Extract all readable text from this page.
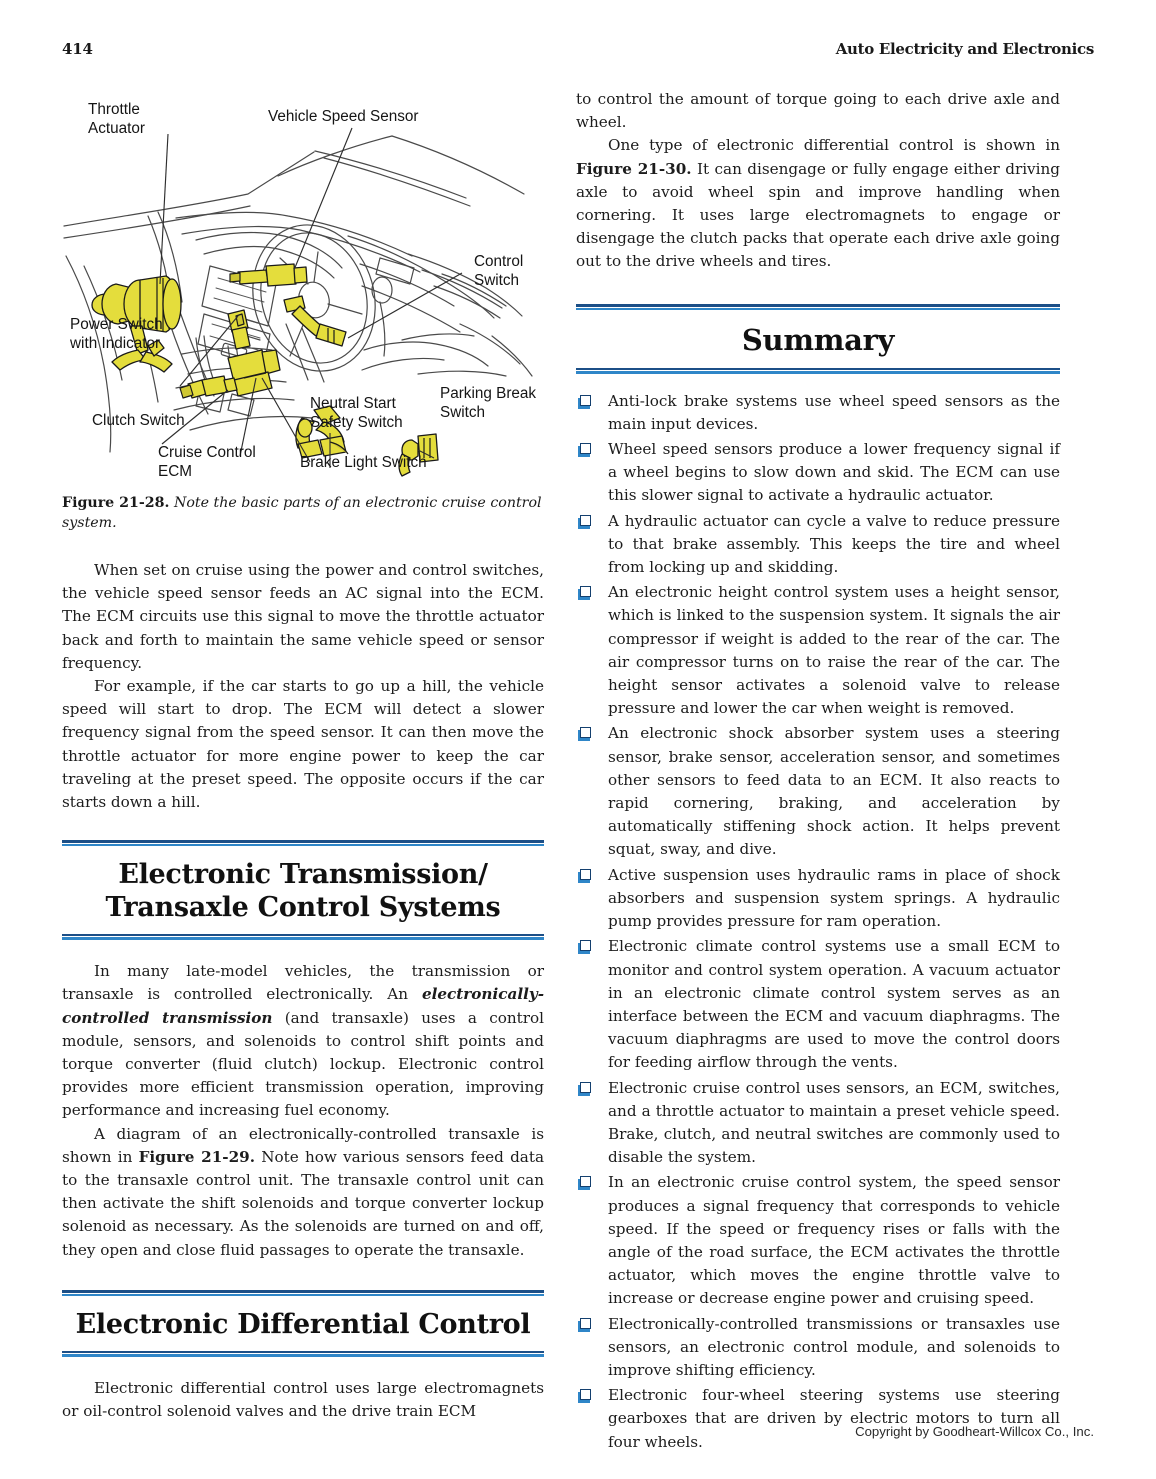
414	Auto Electricity and Electronics
Throttle
Actuator
Vehicle Speed Sensor
Control
Switch
Power Switch
with Indicator
Clutch Switch
Cruise Control
ECM
Neutral Start
Safety Switch
Brake Light Switch
Parking Break
Switch
Figure 21-28. Note the basic parts of an electronic cruise control system.

When set on cruise using the power and control switches, the vehicle speed sensor feeds an AC signal into the ECM. The ECM circuits use this signal to move the throttle actuator back and forth to maintain the same vehicle speed or sensor frequency.

For example, if the car starts to go up a hill, the vehicle speed will start to drop. The ECM will detect a slower frequency signal from the speed sensor. It can then move the throttle actuator for more engine power to keep the car traveling at the preset speed. The opposite occurs if the car starts down a hill.

Electronic Transmission/
Transaxle Control Systems

In many late-model vehicles, the transmission or transaxle is controlled electronically. An electronically-controlled transmission (and transaxle) uses a control module, sensors, and solenoids to control shift points and torque converter (fluid clutch) lockup. Electronic control provides more efficient transmission operation, improving performance and increasing fuel economy.

A diagram of an electronically-controlled transaxle is shown in Figure 21-29. Note how various sensors feed data to the transaxle control unit. The transaxle control unit can then activate the shift solenoids and torque converter lockup solenoid as necessary. As the solenoids are turned on and off, they open and close fluid passages to operate the transaxle.

Electronic Differential Control

Electronic differential control uses large electromagnets or oil-control solenoid valves and the drive train ECM

to control the amount of torque going to each drive axle and wheel.

One type of electronic differential control is shown in Figure 21-30. It can disengage or fully engage either driving axle to avoid wheel spin and improve handling when cornering. It uses large electromagnets to engage or disengage the clutch packs that operate each drive axle going out to the drive wheels and tires.

Summary
Anti-lock brake systems use wheel speed sensors as the main input devices.
Wheel speed sensors produce a lower frequency signal if a wheel begins to slow down and skid. The ECM can use this slower signal to activate a hydraulic actuator.
A hydraulic actuator can cycle a valve to reduce pressure to that brake assembly. This keeps the tire and wheel from locking up and skidding.
An electronic height control system uses a height sensor, which is linked to the suspension system. It signals the air compressor if weight is added to the rear of the car. The air compressor turns on to raise the rear of the car. The height sensor activates a solenoid valve to release pressure and lower the car when weight is removed.
An electronic shock absorber system uses a steering sensor, brake sensor, acceleration sensor, and sometimes other sensors to feed data to an ECM. It also reacts to rapid cornering, braking, and acceleration by automatically stiffening shock action. It helps prevent squat, sway, and dive.
Active suspension uses hydraulic rams in place of shock absorbers and suspension system springs. A hydraulic pump provides pressure for ram operation.
Electronic climate control systems use a small ECM to monitor and control system operation. A vacuum actuator in an electronic climate control system serves as an interface between the ECM and vacuum diaphragms. The vacuum diaphragms are used to move the control doors for feeding airflow through the vents.
Electronic cruise control uses sensors, an ECM, switches, and a throttle actuator to maintain a preset vehicle speed. Brake, clutch, and neutral switches are commonly used to disable the system.
In an electronic cruise control system, the speed sensor produces a signal frequency that corresponds to vehicle speed. If the speed or frequency rises or falls with the angle of the road surface, the ECM activates the throttle actuator, which moves the engine throttle valve to increase or decrease engine power and cruising speed.
Electronically-controlled transmissions or transaxles use sensors, an electronic control module, and solenoids to improve shifting efficiency.
Electronic four-wheel steering systems use steering gearboxes that are driven by electric motors to turn all four wheels.
Copyright by Goodheart-Willcox Co., Inc.
